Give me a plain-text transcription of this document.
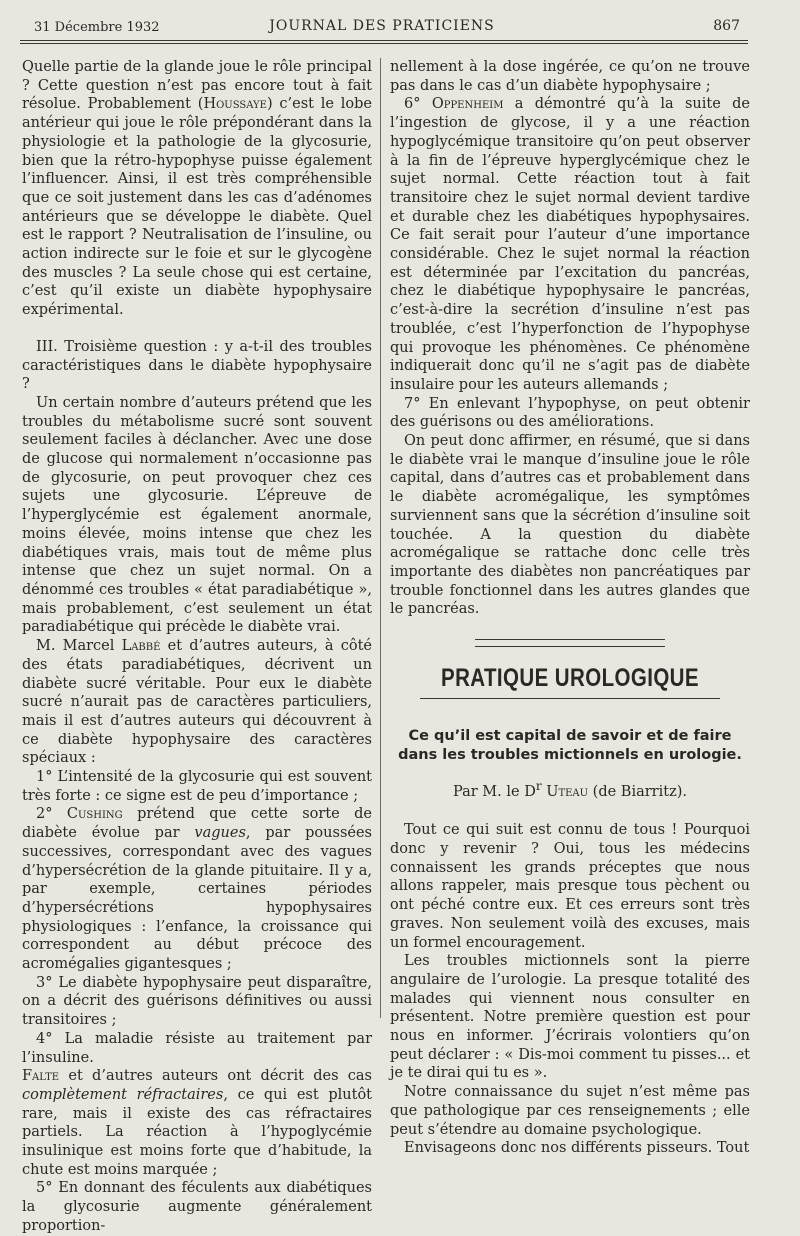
31 Décembre 1932	JOURNAL DES PRATICIENS	867

Quelle partie de la glande joue le rôle principal ? Cette question n’est pas encore tout à fait résolue. Probablement (Houssaye) c’est le lobe antérieur qui joue le rôle prépondérant dans la physiologie et la pathologie de la glycosurie, bien que la rétro-hypophyse puisse également l’influencer. Ainsi, il est très compréhensible que ce soit justement dans les cas d’adénomes antérieurs que se développe le diabète. Quel est le rapport ? Neutralisation de l’insuline, ou action indirecte sur le foie et sur le glycogène des muscles ? La seule chose qui est certaine, c’est qu’il existe un diabète hypophysaire expérimental.

III. Troisième question : y a-t-il des troubles caractéristiques dans le diabète hypophysaire ?

Un certain nombre d’auteurs prétend que les troubles du métabolisme sucré sont souvent seulement faciles à déclancher. Avec une dose de glucose qui normalement n’occasionne pas de glycosurie, on peut provoquer chez ces sujets une glycosurie. L’épreuve de l’hyperglycémie est également anormale, moins élevée, moins intense que chez les diabétiques vrais, mais tout de même plus intense que chez un sujet normal. On a dénommé ces troubles « état paradiabétique », mais probablement, c’est seulement un état paradiabétique qui précède le diabète vrai.

M. Marcel Labbé et d’autres auteurs, à côté des états paradiabétiques, décrivent un diabète sucré véritable. Pour eux le diabète sucré n’aurait pas de caractères particuliers, mais il est d’autres auteurs qui découvrent à ce diabète hypophysaire des caractères spéciaux :

1° L’intensité de la glycosurie qui est souvent très forte : ce signe est de peu d’importance ;

2° Cushing prétend que cette sorte de diabète évolue par vagues, par poussées successives, correspondant avec des vagues d’hypersécrétion de la glande pituitaire. Il y a, par exemple, certaines périodes d’hypersécrétions hypophysaires physiologiques : l’enfance, la croissance qui correspondent au début précoce des acromégalies gigantesques ;

3° Le diabète hypophysaire peut disparaître, on a décrit des guérisons définitives ou aussi transitoires ;

4° La maladie résiste au traitement par l’insuline.

Falte et d’autres auteurs ont décrit des cas complètement réfractaires, ce qui est plutôt rare, mais il existe des cas réfractaires partiels. La réaction à l’hypoglycémie insulinique est moins forte que d’habitude, la chute est moins marquée ;

5° En donnant des féculents aux diabétiques la glycosurie augmente généralement proportion-

nellement à la dose ingérée, ce qu’on ne trouve pas dans le cas d’un diabète hypophysaire ;

6° Oppenheim a démontré qu’à la suite de l’ingestion de glycose, il y a une réaction hypoglycémique transitoire qu’on peut observer à la fin de l’épreuve hyperglycémique chez le sujet normal. Cette réaction tout à fait transitoire chez le sujet normal devient tardive et durable chez les diabétiques hypophysaires. Ce fait serait pour l’auteur d’une importance considérable. Chez le sujet normal la réaction est déterminée par l’excitation du pancréas, chez le diabétique hypophysaire le pancréas, c’est-à-dire la secrétion d’insuline n’est pas troublée, c’est l’hyperfonction de l’hypophyse qui provoque les phénomènes. Ce phénomène indiquerait donc qu’il ne s’agit pas de diabète insulaire pour les auteurs allemands ;

7° En enlevant l’hypophyse, on peut obtenir des guérisons ou des améliorations.

On peut donc affirmer, en résumé, que si dans le diabète vrai le manque d’insuline joue le rôle capital, dans d’autres cas et probablement dans le diabète acromégalique, les symptômes surviennent sans que la sécrétion d’insuline soit touchée. A la question du diabète acromégalique se rattache donc celle très importante des diabètes non pancréatiques par trouble fonctionnel dans les autres glandes que le pancréas.

PRATIQUE UROLOGIQUE
Ce qu’il est capital de savoir et de faire
dans les troubles mictionnels en urologie.
Par M. le $D^r$ Uteau (de Biarritz).

Tout ce qui suit est connu de tous ! Pourquoi donc y revenir ? Oui, tous les médecins connaissent les grands préceptes que nous allons rappeler, mais presque tous pèchent ou ont péché contre eux. Et ces erreurs sont très graves. Non seulement voilà des excuses, mais un formel encouragement.

Les troubles mictionnels sont la pierre angulaire de l’urologie. La presque totalité des malades qui viennent nous consulter en présentent. Notre première question est pour nous en informer. J’écrirais volontiers qu’on peut déclarer : « Dis-moi comment tu pisses... et je te dirai qui tu es ».

Notre connaissance du sujet n’est même pas que pathologique par ces renseignements ; elle peut s’étendre au domaine psychologique.

Envisageons donc nos différents pisseurs. Tout
